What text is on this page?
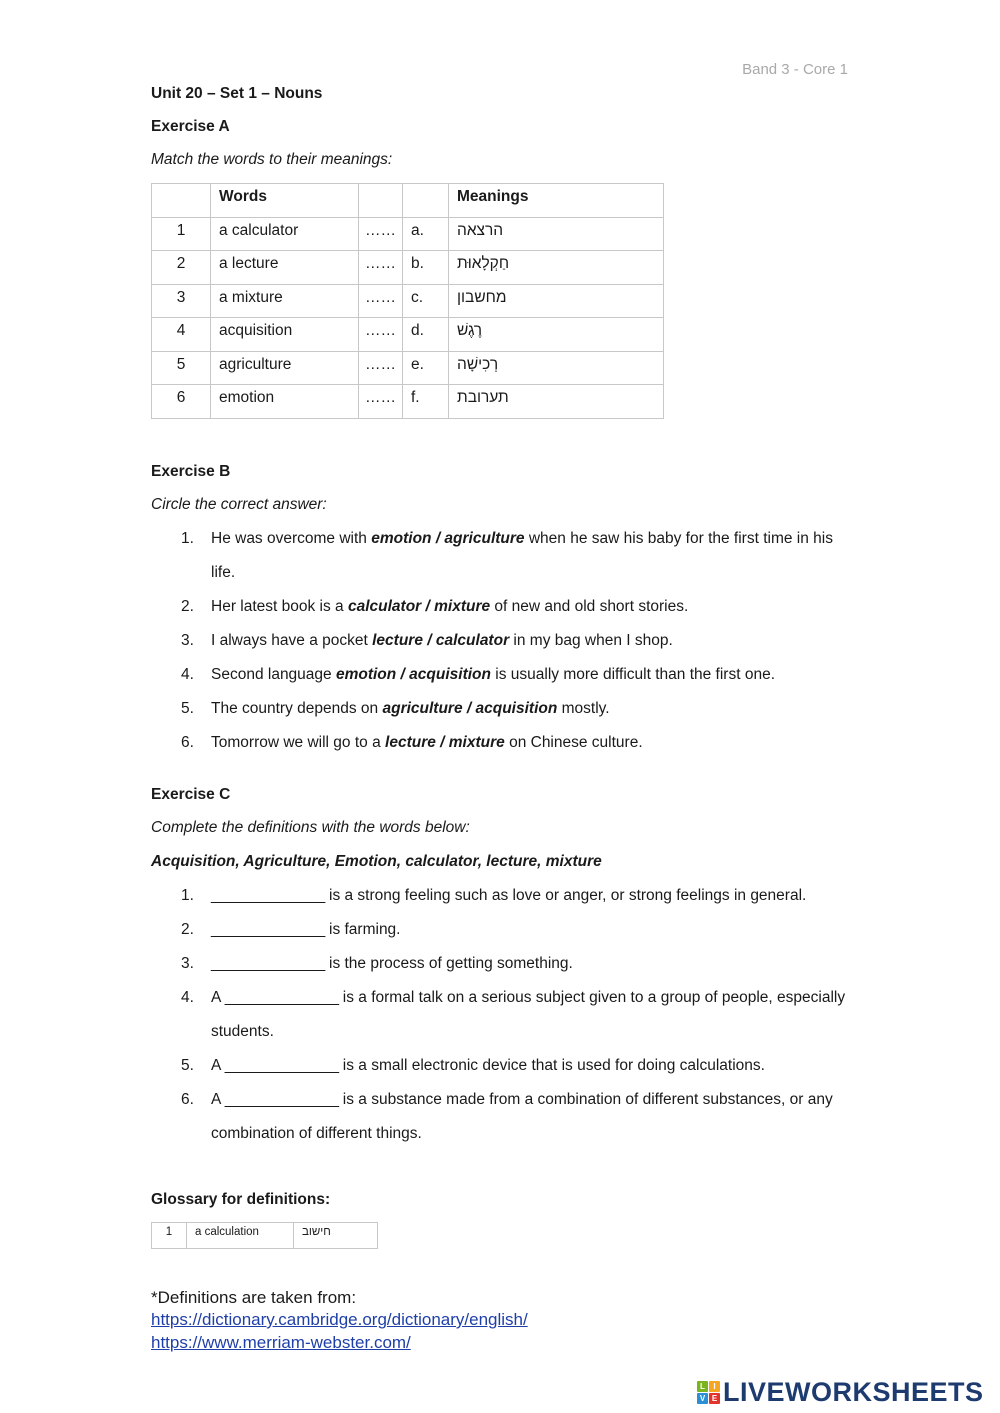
Band 3 - Core 1
Unit 20 – Set 1 – Nouns
Exercise A
Match the words to their meanings:
	Words			Meanings
1	a calculator	……	a.	הרצאה
2	a lecture	……	b.	חַקְלָאוּת
3	a mixture	……	c.	מחשבון
4	acquisition	……	d.	רֶגֶשׁ
5	agriculture	……	e.	רְכִישָׁה
6	emotion	……	f.	תערובת
Exercise B
Circle the correct answer:
1. He was overcome with emotion / agriculture when he saw his baby for the first time in his life.
2. Her latest book is a calculator / mixture of new and old short stories.
3. I always have a pocket lecture / calculator in my bag when I shop.
4. Second language emotion / acquisition is usually more difficult than the first one.
5. The country depends on agriculture / acquisition mostly.
6. Tomorrow we will go to a lecture / mixture on Chinese culture.
Exercise C
Complete the definitions with the words below:
Acquisition, Agriculture, Emotion, calculator, lecture, mixture
1. ______________ is a strong feeling such as love or anger, or strong feelings in general.
2. ______________ is farming.
3. ______________ is the process of getting something.
4. A ______________ is a formal talk on a serious subject given to a group of people, especially students.
5. A ______________ is a small electronic device that is used for doing calculations.
6. A ______________ is a substance made from a combination of different substances, or any combination of different things.
Glossary for definitions:
1	a calculation	חישוב
*Definitions are taken from:
https://dictionary.cambridge.org/dictionary/english/
https://www.merriam-webster.com/
L	I
V E LIVEWORKSHEETS
